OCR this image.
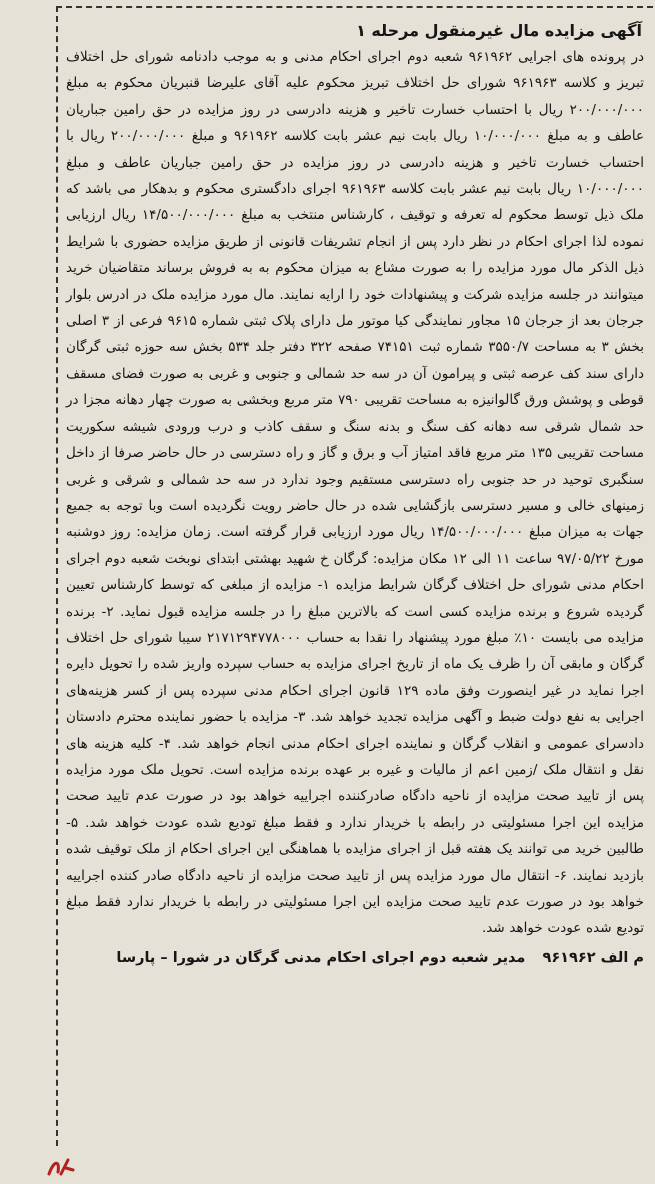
آگهی مزایده مال غیرمنقول مرحله ۱

در پرونده های اجرایی ۹۶۱۹۶۲ شعبه دوم اجرای احکام مدنی و به موجب دادنامه شورای حل اختلاف تبریز و کلاسه ۹۶۱۹۶۳ شورای حل اختلاف تبریز محکوم علیه آقای علیرضا قنبریان محکوم به مبلغ ۲۰۰/۰۰۰/۰۰۰ ریال با احتساب خسارت تاخیر و هزینه دادرسی در روز مزایده در حق رامین جباریان عاطف و به مبلغ ۱۰/۰۰۰/۰۰۰ ریال بابت نیم عشر بابت کلاسه ۹۶۱۹۶۲ و مبلغ ۲۰۰/۰۰۰/۰۰۰ ریال با احتساب خسارت تاخیر و هزینه دادرسی در روز مزایده در حق رامین جباریان عاطف و مبلغ ۱۰/۰۰۰/۰۰۰ ریال بابت نیم عشر بابت کلاسه ۹۶۱۹۶۳ اجرای دادگستری محکوم و بدهکار می باشد که ملک ذیل توسط محکوم له تعرفه و توقیف ، کارشناس منتخب به مبلغ ۱۴/۵۰۰/۰۰۰/۰۰۰ ریال ارزیابی نموده لذا اجرای احکام در نظر دارد پس از انجام تشریفات قانونی از طریق مزایده حضوری با شرایط ذیل الذکر مال مورد مزایده را به صورت مشاع به میزان محکوم به به فروش برساند متقاضیان خرید میتوانند در جلسه مزایده شرکت و پیشنهادات خود را ارایه نمایند. مال مورد مزایده ملک در ادرس بلوار جرجان بعد از جرجان ۱۵ مجاور نمایندگی کیا موتور مل دارای پلاک ثبتی شماره ۹۶۱۵ فرعی از ۳ اصلی بخش ۳ به مساحت ۳۵۵۰/۷ شماره ثبت ۷۴۱۵۱ صفحه ۳۲۲ دفتر جلد ۵۳۴ بخش سه حوزه ثبتی گرگان دارای سند کف عرصه ثبتی و پیرامون آن در سه حد شمالی و جنوبی و غربی به صورت فضای مسقف قوطی و پوشش ورق گالوانیزه به مساحت تقریبی ۷۹۰ متر مربع وبخشی به صورت چهار دهانه مجزا در حد شمال شرقی سه دهانه کف سنگ و بدنه سنگ و سقف کاذب و درب ورودی شیشه سکوریت مساحت تقریبی ۱۳۵ متر مربع فاقد امتیاز آب و برق و گاز و راه دسترسی در حال حاضر صرفا از داخل سنگبری توحید در حد جنوبی راه دسترسی مستقیم وجود ندارد در سه حد شمالی و شرقی و غربی زمینهای خالی و مسیر دسترسی بازگشایی شده در حال حاضر رویت نگردیده است وبا توجه به جمیع جهات به میزان مبلغ ۱۴/۵۰۰/۰۰۰/۰۰۰ ریال مورد ارزیابی قرار گرفته است. زمان مزایده: روز دوشنبه مورخ ۹۷/۰۵/۲۲ ساعت ۱۱ الی ۱۲ مکان مزایده: گرگان خ شهید بهشتی ابتدای نوبخت شعبه دوم اجرای احکام مدنی شورای حل اختلاف گرگان شرایط مزایده ۱- مزایده از مبلغی که توسط کارشناس تعیین گردیده شروع و برنده مزایده کسی است که بالاترین مبلغ را در جلسه مزایده قبول نماید. ۲- برنده مزایده می بایست ۱۰٪ مبلغ مورد پیشنهاد را نقدا به حساب ۲۱۷۱۲۹۴۷۷۸۰۰۰ سیبا شورای حل اختلاف گرگان و مابقی آن را ظرف یک ماه از تاریخ اجرای مزایده به حساب سپرده واریز شده را تحویل دایره اجرا نماید در غیر اینصورت وفق ماده ۱۲۹ قانون اجرای احکام مدنی سپرده پس از کسر هزینه‌های اجرایی به نفع دولت ضبط و آگهی مزایده تجدید خواهد شد. ۳- مزایده با حضور نماینده محترم دادستان دادسرای عمومی و انقلاب گرگان و نماینده اجرای احکام مدنی انجام خواهد شد. ۴- کلیه هزینه های نقل و انتقال ملک /زمین اعم از مالیات و غیره بر عهده برنده مزایده است. تحویل ملک مورد مزایده پس از تایید صحت مزایده از ناحیه دادگاه صادرکننده اجراییه خواهد بود در صورت عدم تایید صحت مزایده این اجرا مسئولیتی در رابطه با خریدار ندارد و فقط مبلغ تودیع شده عودت خواهد شد. ۵- طالبین خرید می توانند یک هفته قبل از اجرای مزایده با هماهنگی این اجرای احکام از ملک توقیف شده بازدید نمایند. ۶- انتقال مال مورد مزایده پس از تایید صحت مزایده از ناحیه دادگاه صادر کننده اجراییه خواهد بود در صورت عدم تایید صحت مزایده این اجرا مسئولیتی در رابطه با خریدار ندارد فقط مبلغ تودیع شده عودت خواهد شد.

م الف ۹۶۱۹۶۲ مدیر شعبه دوم اجرای احکام مدنی گرگان در شورا – پارسا
